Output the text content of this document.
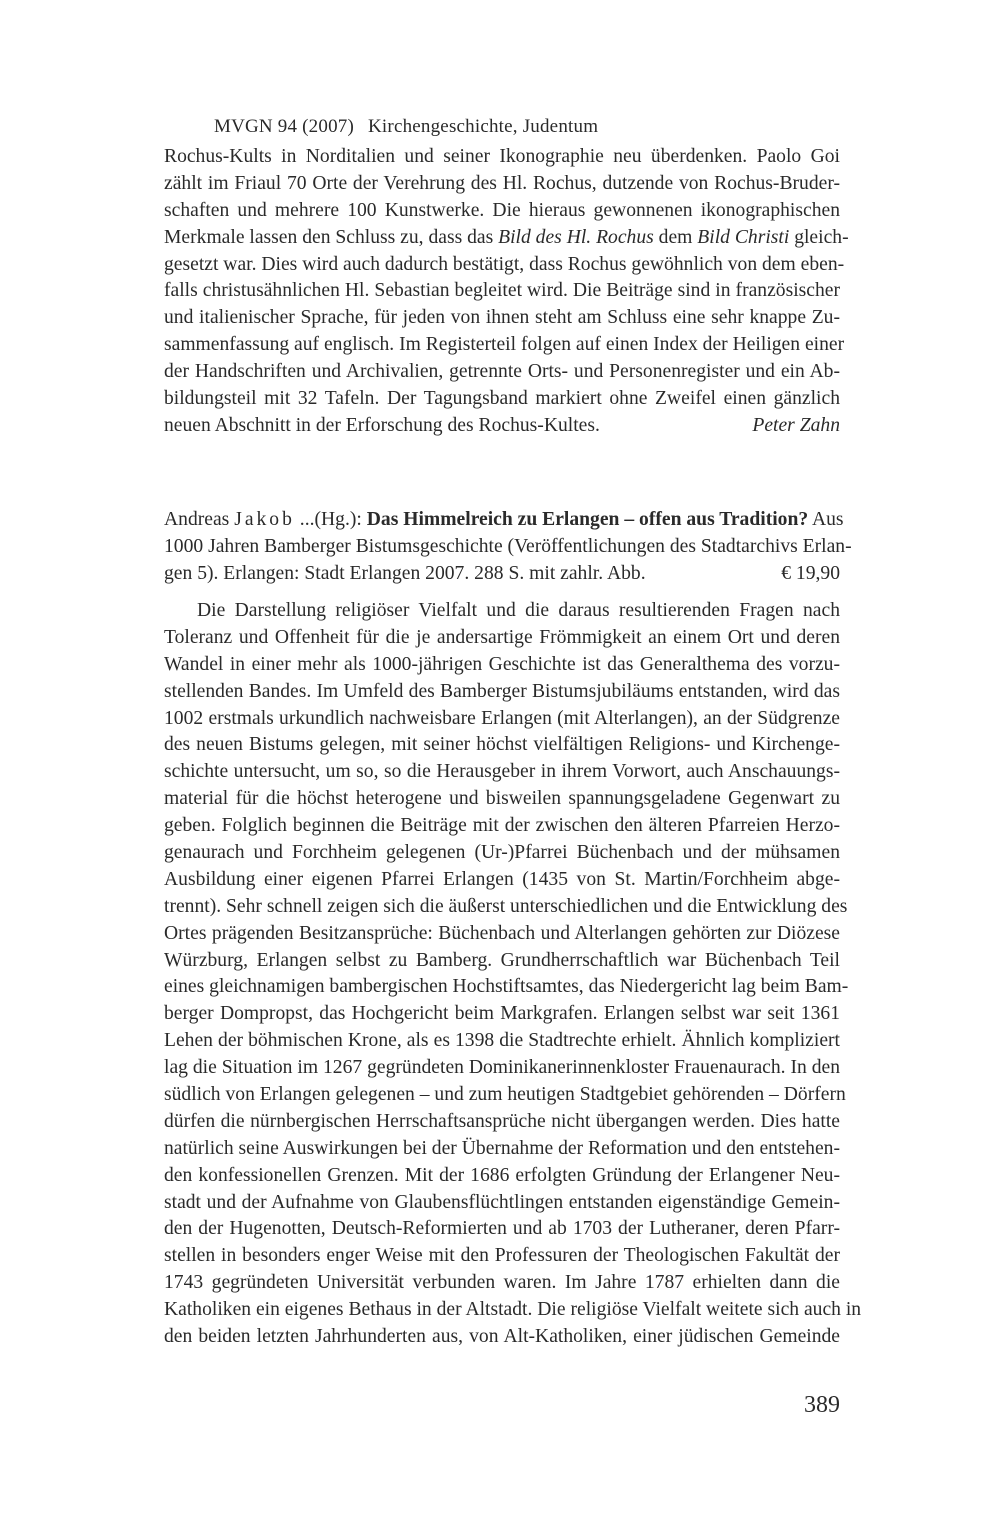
MVGN 94 (2007) Kirchengeschichte, Judentum
Rochus-Kults in Norditalien und seiner Ikonographie neu überdenken. Paolo Goi
zählt im Friaul 70 Orte der Verehrung des Hl. Rochus, dutzende von Rochus-Bruder-
schaften und mehrere 100 Kunstwerke. Die hieraus gewonnenen ikonographischen
Merkmale lassen den Schluss zu, dass das Bild des Hl. Rochus dem Bild Christi gleich-
gesetzt war. Dies wird auch dadurch bestätigt, dass Rochus gewöhnlich von dem eben-
falls christusähnlichen Hl. Sebastian begleitet wird. Die Beiträge sind in französischer
und italienischer Sprache, für jeden von ihnen steht am Schluss eine sehr knappe Zu-
sammenfassung auf englisch. Im Registerteil folgen auf einen Index der Heiligen einer
der Handschriften und Archivalien, getrennte Orts- und Personenregister und ein Ab-
bildungsteil mit 32 Tafeln. Der Tagungsband markiert ohne Zweifel einen gänzlich
neuen Abschnitt in der Erforschung des Rochus-Kultes.	Peter Zahn
Andreas Jakob ...(Hg.): Das Himmelreich zu Erlangen – offen aus Tradition? Aus
1000 Jahren Bamberger Bistumsgeschichte (Veröffentlichungen des Stadtarchivs Erlan-
gen 5). Erlangen: Stadt Erlangen 2007. 288 S. mit zahlr. Abb.	€ 19,90
Die Darstellung religiöser Vielfalt und die daraus resultierenden Fragen nach
Toleranz und Offenheit für die je andersartige Frömmigkeit an einem Ort und deren
Wandel in einer mehr als 1000-jährigen Geschichte ist das Generalthema des vorzu-
stellenden Bandes. Im Umfeld des Bamberger Bistumsjubiläums entstanden, wird das
1002 erstmals urkundlich nachweisbare Erlangen (mit Alterlangen), an der Südgrenze
des neuen Bistums gelegen, mit seiner höchst vielfältigen Religions- und Kirchenge-
schichte untersucht, um so, so die Herausgeber in ihrem Vorwort, auch Anschauungs-
material für die höchst heterogene und bisweilen spannungsgeladene Gegenwart zu
geben. Folglich beginnen die Beiträge mit der zwischen den älteren Pfarreien Herzo-
genaurach und Forchheim gelegenen (Ur-)Pfarrei Büchenbach und der mühsamen
Ausbildung einer eigenen Pfarrei Erlangen (1435 von St. Martin/Forchheim abge-
trennt). Sehr schnell zeigen sich die äußerst unterschiedlichen und die Entwicklung des
Ortes prägenden Besitzansprüche: Büchenbach und Alterlangen gehörten zur Diözese
Würzburg, Erlangen selbst zu Bamberg. Grundherrschaftlich war Büchenbach Teil
eines gleichnamigen bambergischen Hochstiftsamtes, das Niedergericht lag beim Bam-
berger Dompropst, das Hochgericht beim Markgrafen. Erlangen selbst war seit 1361
Lehen der böhmischen Krone, als es 1398 die Stadtrechte erhielt. Ähnlich kompliziert
lag die Situation im 1267 gegründeten Dominikanerinnenkloster Frauenaurach. In den
südlich von Erlangen gelegenen – und zum heutigen Stadtgebiet gehörenden – Dörfern
dürfen die nürnbergischen Herrschaftsansprüche nicht übergangen werden. Dies hatte
natürlich seine Auswirkungen bei der Übernahme der Reformation und den entstehen-
den konfessionellen Grenzen. Mit der 1686 erfolgten Gründung der Erlangener Neu-
stadt und der Aufnahme von Glaubensflüchtlingen entstanden eigenständige Gemein-
den der Hugenotten, Deutsch-Reformierten und ab 1703 der Lutheraner, deren Pfarr-
stellen in besonders enger Weise mit den Professuren der Theologischen Fakultät der
1743 gegründeten Universität verbunden waren. Im Jahre 1787 erhielten dann die
Katholiken ein eigenes Bethaus in der Altstadt. Die religiöse Vielfalt weitete sich auch in
den beiden letzten Jahrhunderten aus, von Alt-Katholiken, einer jüdischen Gemeinde
389
